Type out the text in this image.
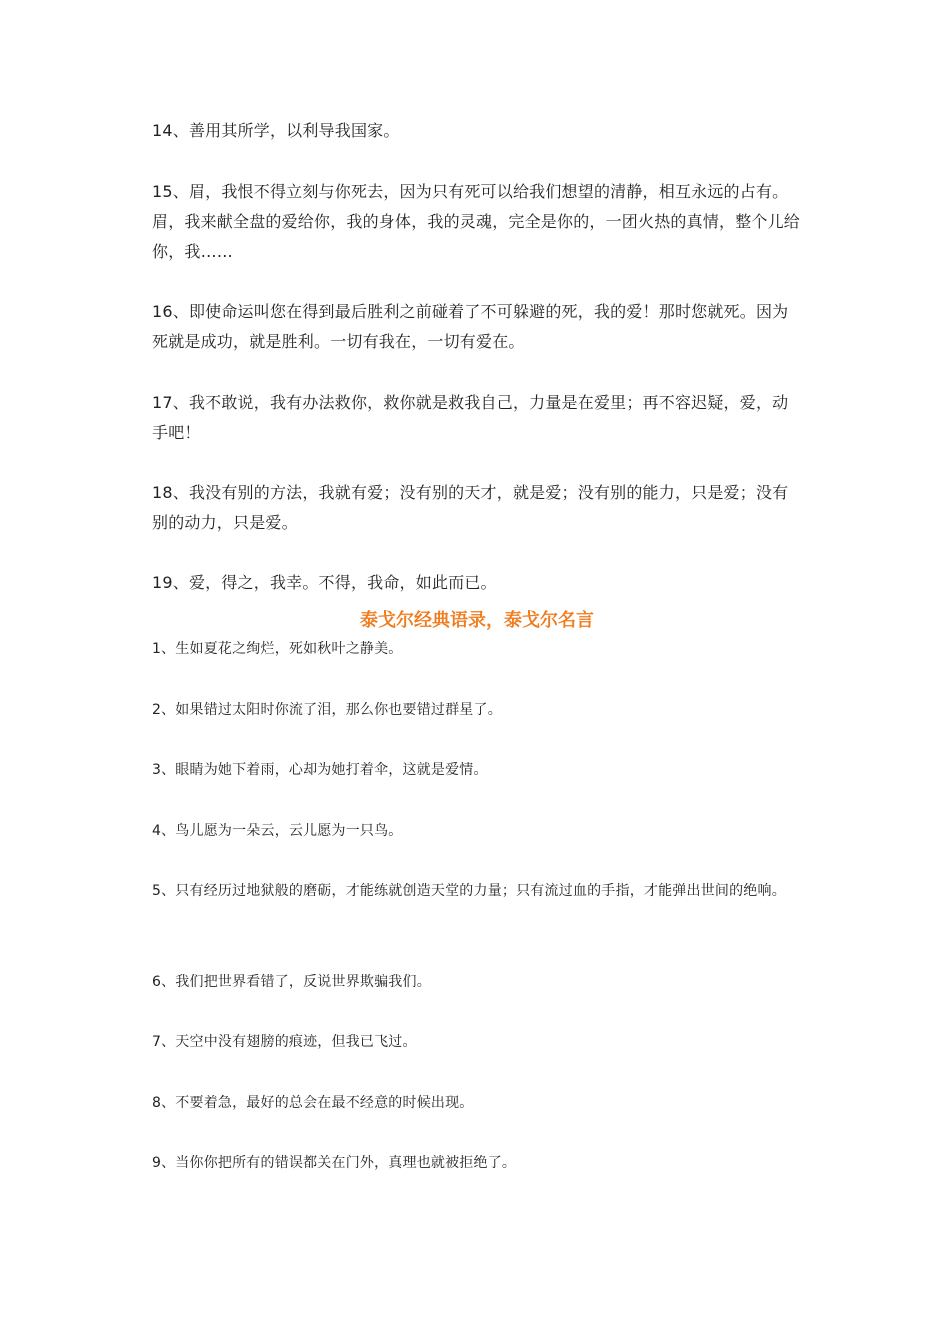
14、善用其所学，以利导我国家。

15、眉，我恨不得立刻与你死去，因为只有死可以给我们想望的清静，相互永远的占有。眉，我来献全盘的爱给你，我的身体，我的灵魂，完全是你的，一团火热的真情，整个儿给你，我……

16、即使命运叫您在得到最后胜利之前碰着了不可躲避的死，我的爱！那时您就死。因为死就是成功，就是胜利。一切有我在，一切有爱在。

17、我不敢说，我有办法救你，救你就是救我自己，力量是在爱里；再不容迟疑，爱，动手吧！

18、我没有别的方法，我就有爱；没有别的天才，就是爱；没有别的能力，只是爱；没有别的动力，只是爱。

19、爱，得之，我幸。不得，我命，如此而已。

泰戈尔经典语录，泰戈尔名言

1、生如夏花之绚烂，死如秋叶之静美。

2、如果错过太阳时你流了泪，那么你也要错过群星了。

3、眼睛为她下着雨，心却为她打着伞，这就是爱情。

4、鸟儿愿为一朵云，云儿愿为一只鸟。

5、只有经历过地狱般的磨砺，才能练就创造天堂的力量；只有流过血的手指，才能弹出世间的绝响。

6、我们把世界看错了，反说世界欺骗我们。

7、天空中没有翅膀的痕迹，但我已飞过。

8、不要着急，最好的总会在最不经意的时候出现。

9、当你你把所有的错误都关在门外，真理也就被拒绝了。
